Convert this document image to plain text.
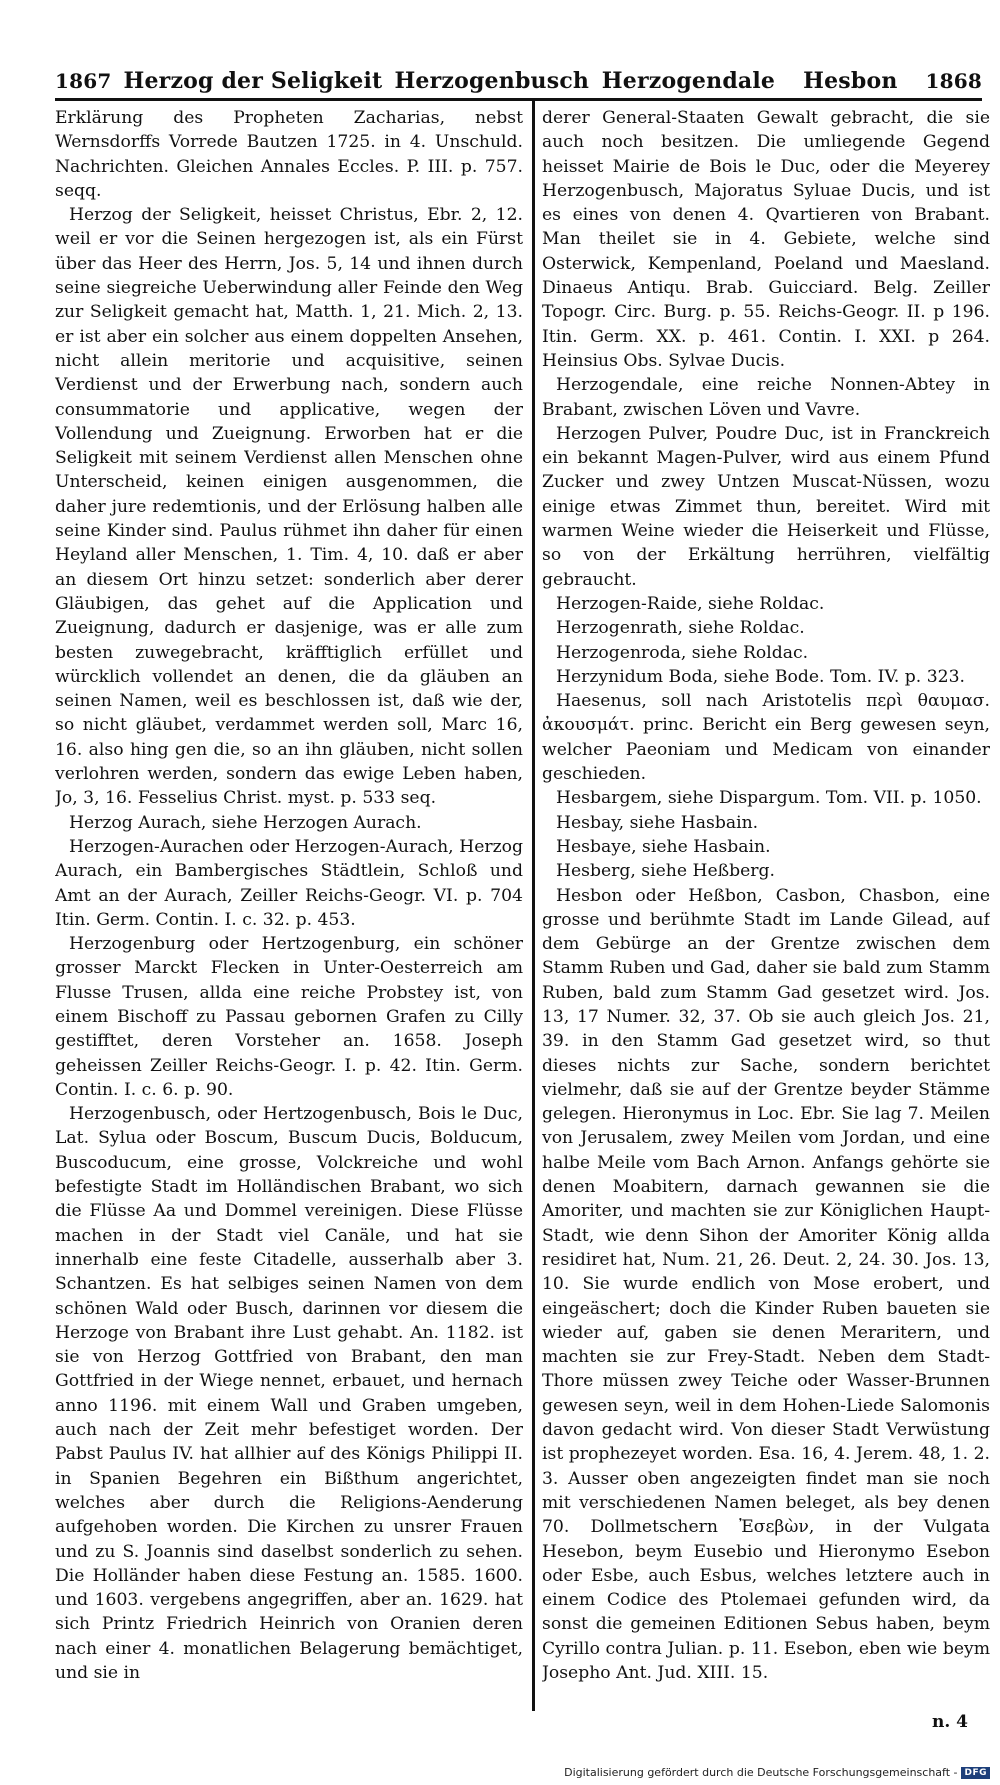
1867 Herzog der Seligkeit Herzogenbusch Herzogendale Hesbon 1868

Erklärung des Propheten Zacharias, nebst Wernsdorffs Vorrede Bautzen 1725. in 4. Unschuld. Nachrichten. Gleichen Annales Eccles. P. III. p. 757. seqq.

Herzog der Seligkeit, heisset Christus, Ebr. 2, 12. weil er vor die Seinen hergezogen ist, als ein Fürst über das Heer des Herrn, Jos. 5, 14 und ihnen durch seine siegreiche Ueberwindung aller Feinde den Weg zur Seligkeit gemacht hat, Matth. 1, 21. Mich. 2, 13. er ist aber ein solcher aus einem doppelten Ansehen, nicht allein meritorie und acquisitive, seinen Verdienst und der Erwerbung nach, sondern auch consummatorie und applicative, wegen der Vollendung und Zueignung. Erworben hat er die Seligkeit mit seinem Verdienst allen Menschen ohne Unterscheid, keinen einigen ausgenommen, die daher jure redemtionis, und der Erlösung halben alle seine Kinder sind. Paulus rühmet ihn daher für einen Heyland aller Menschen, 1. Tim. 4, 10. daß er aber an diesem Ort hinzu setzet: sonderlich aber derer Gläubigen, das gehet auf die Application und Zueignung, dadurch er dasjenige, was er alle zum besten zuwegebracht, kräfftiglich erfüllet und würcklich vollendet an denen, die da gläuben an seinen Namen, weil es beschlossen ist, daß wie der, so nicht gläubet, verdammet werden soll, Marc 16, 16. also hing gen die, so an ihn gläuben, nicht sollen verlohren werden, sondern das ewige Leben haben, Jo, 3, 16. Fesselius Christ. myst. p. 533 seq.

Herzog Aurach, siehe Herzogen Aurach.

Herzogen-Aurachen oder Herzogen-Aurach, Herzog Aurach, ein Bambergisches Städtlein, Schloß und Amt an der Aurach, Zeiller Reichs-Geogr. VI. p. 704 Itin. Germ. Contin. I. c. 32. p. 453.

Herzogenburg oder Hertzogenburg, ein schöner grosser Marckt Flecken in Unter-Oesterreich am Flusse Trusen, allda eine reiche Probstey ist, von einem Bischoff zu Passau gebornen Grafen zu Cilly gestifftet, deren Vorsteher an. 1658. Joseph geheissen Zeiller Reichs-Geogr. I. p. 42. Itin. Germ. Contin. I. c. 6. p. 90.

Herzogenbusch, oder Hertzogenbusch, Bois le Duc, Lat. Sylua oder Boscum, Buscum Ducis, Bolducum, Buscoducum, eine grosse, Volckreiche und wohl befestigte Stadt im Holländischen Brabant, wo sich die Flüsse Aa und Dommel vereinigen. Diese Flüsse machen in der Stadt viel Canäle, und hat sie innerhalb eine feste Citadelle, ausserhalb aber 3. Schantzen. Es hat selbiges seinen Namen von dem schönen Wald oder Busch, darinnen vor diesem die Herzoge von Brabant ihre Lust gehabt. An. 1182. ist sie von Herzog Gottfried von Brabant, den man Gottfried in der Wiege nennet, erbauet, und hernach anno 1196. mit einem Wall und Graben umgeben, auch nach der Zeit mehr befestiget worden. Der Pabst Paulus IV. hat allhier auf des Königs Philippi II. in Spanien Begehren ein Bißthum angerichtet, welches aber durch die Religions-Aenderung aufgehoben worden. Die Kirchen zu unsrer Frauen und zu S. Joannis sind daselbst sonderlich zu sehen. Die Holländer haben diese Festung an. 1585. 1600. und 1603. vergebens angegriffen, aber an. 1629. hat sich Printz Friedrich Heinrich von Oranien deren nach einer 4. monatlichen Belagerung bemächtiget, und sie in

derer General-Staaten Gewalt gebracht, die sie auch noch besitzen. Die umliegende Gegend heisset Mairie de Bois le Duc, oder die Meyerey Herzogenbusch, Majoratus Syluae Ducis, und ist es eines von denen 4. Qvartieren von Brabant. Man theilet sie in 4. Gebiete, welche sind Osterwick, Kempenland, Poeland und Maesland. Dinaeus Antiqu. Brab. Guicciard. Belg. Zeiller Topogr. Circ. Burg. p. 55. Reichs-Geogr. II. p 196. Itin. Germ. XX. p. 461. Contin. I. XXI. p 264. Heinsius Obs. Sylvae Ducis.

Herzogendale, eine reiche Nonnen-Abtey in Brabant, zwischen Löven und Vavre.

Herzogen Pulver, Poudre Duc, ist in Franckreich ein bekannt Magen-Pulver, wird aus einem Pfund Zucker und zwey Untzen Muscat-Nüssen, wozu einige etwas Zimmet thun, bereitet. Wird mit warmen Weine wieder die Heiserkeit und Flüsse, so von der Erkältung herrühren, vielfältig gebraucht.

Herzogen-Raide, siehe Roldac.

Herzogenrath, siehe Roldac.

Herzogenroda, siehe Roldac.

Herzynidum Boda, siehe Bode. Tom. IV. p. 323.

Haesenus, soll nach Aristotelis περὶ θαυμασ. ἀκουσμάτ. princ. Bericht ein Berg gewesen seyn, welcher Paeoniam und Medicam von einander geschieden.

Hesbargem, siehe Dispargum. Tom. VII. p. 1050.

Hesbay, siehe Hasbain.

Hesbaye, siehe Hasbain.

Hesberg, siehe Heßberg.

Hesbon oder Heßbon, Casbon, Chasbon, eine grosse und berühmte Stadt im Lande Gilead, auf dem Gebürge an der Grentze zwischen dem Stamm Ruben und Gad, daher sie bald zum Stamm Ruben, bald zum Stamm Gad gesetzet wird. Jos. 13, 17 Numer. 32, 37. Ob sie auch gleich Jos. 21, 39. in den Stamm Gad gesetzet wird, so thut dieses nichts zur Sache, sondern berichtet vielmehr, daß sie auf der Grentze beyder Stämme gelegen. Hieronymus in Loc. Ebr. Sie lag 7. Meilen von Jerusalem, zwey Meilen vom Jordan, und eine halbe Meile vom Bach Arnon. Anfangs gehörte sie denen Moabitern, darnach gewannen sie die Amoriter, und machten sie zur Königlichen Haupt-Stadt, wie denn Sihon der Amoriter König allda residiret hat, Num. 21, 26. Deut. 2, 24. 30. Jos. 13, 10. Sie wurde endlich von Mose erobert, und eingeäschert; doch die Kinder Ruben baueten sie wieder auf, gaben sie denen Meraritern, und machten sie zur Frey-Stadt. Neben dem Stadt-Thore müssen zwey Teiche oder Wasser-Brunnen gewesen seyn, weil in dem Hohen-Liede Salomonis davon gedacht wird. Von dieser Stadt Verwüstung ist prophezeyet worden. Esa. 16, 4. Jerem. 48, 1. 2. 3. Ausser oben angezeigten findet man sie noch mit verschiedenen Namen beleget, als bey denen 70. Dollmetschern Ἐσεβὼν, in der Vulgata Hesebon, beym Eusebio und Hieronymo Esebon oder Esbe, auch Esbus, welches letztere auch in einem Codice des Ptolemaei gefunden wird, da sonst die gemeinen Editionen Sebus haben, beym Cyrillo contra Julian. p. 11. Esebon, eben wie beym Josepho Ant. Jud. XIII. 15.

n. 4
Digitalisierung gefördert durch die Deutsche Forschungsgemeinschaft - DFG
